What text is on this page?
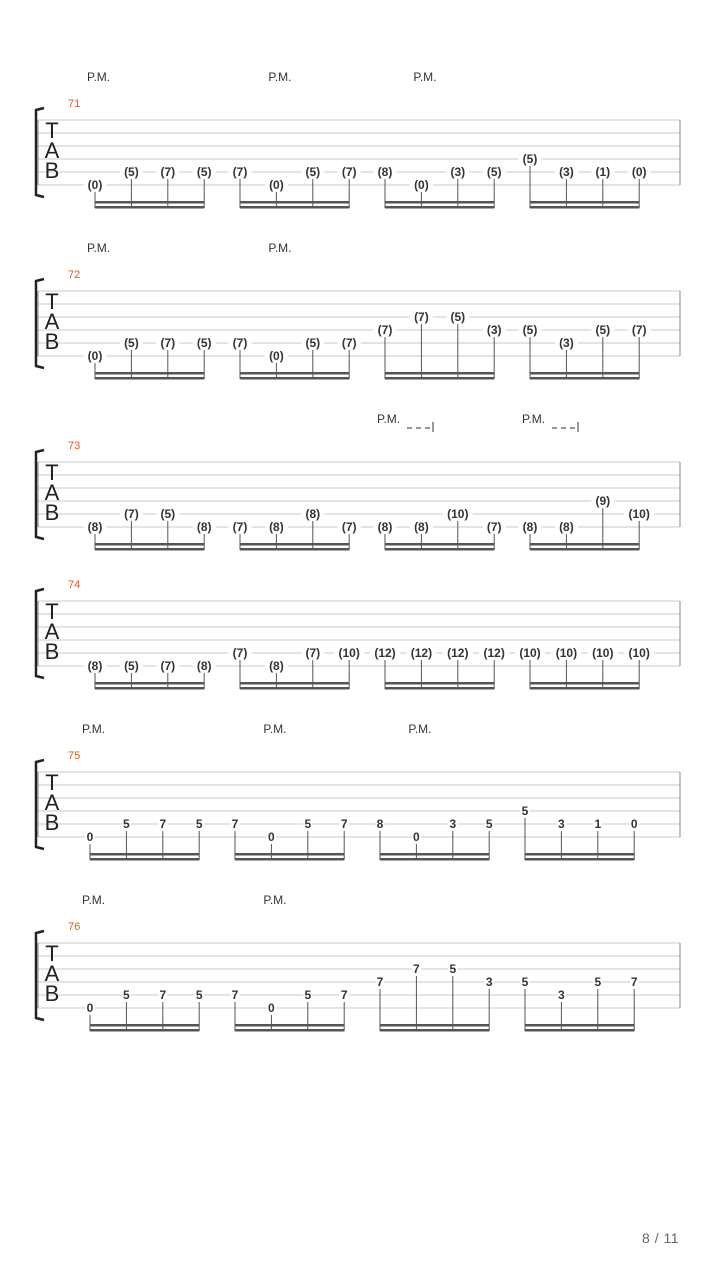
T
A
B
71
P.M.	P.M.	P.M.
(0)
(5) (7) (5) (7)
(0)
(5) (7) (8)
(0)
(3) (5)
(5)
(3) (1) (0)
T
A
B
72
P.M.	P.M.
(0)
(5) (7) (5) (7)
(0)
(5) (7)
(7)
(7) (5)
(3) (5)
(3)
(5) (7)
T
A
B
73
P.M.	P.M.
(8)
(7) (5)
(8) (7) (8)
(8)
(7) (8) (8)
(10)
(7) (8) (8)
(9)
(10)
T
A
B
74
(8) (5) (7) (8)
(7)
(8)
(7) (10) (12) (12) (12) (12) (10) (10) (10) (10)
T
A
B
75
P.M.	P.M.	P.M.
0
5 7 5 7
0
5 7 8
0
3 5
5
3 1 0
T
A
B
76
P.M.	P.M.
0
5 7 5 7
0
5 7
7
7 5
3 5
3
5 7
8 / 11
